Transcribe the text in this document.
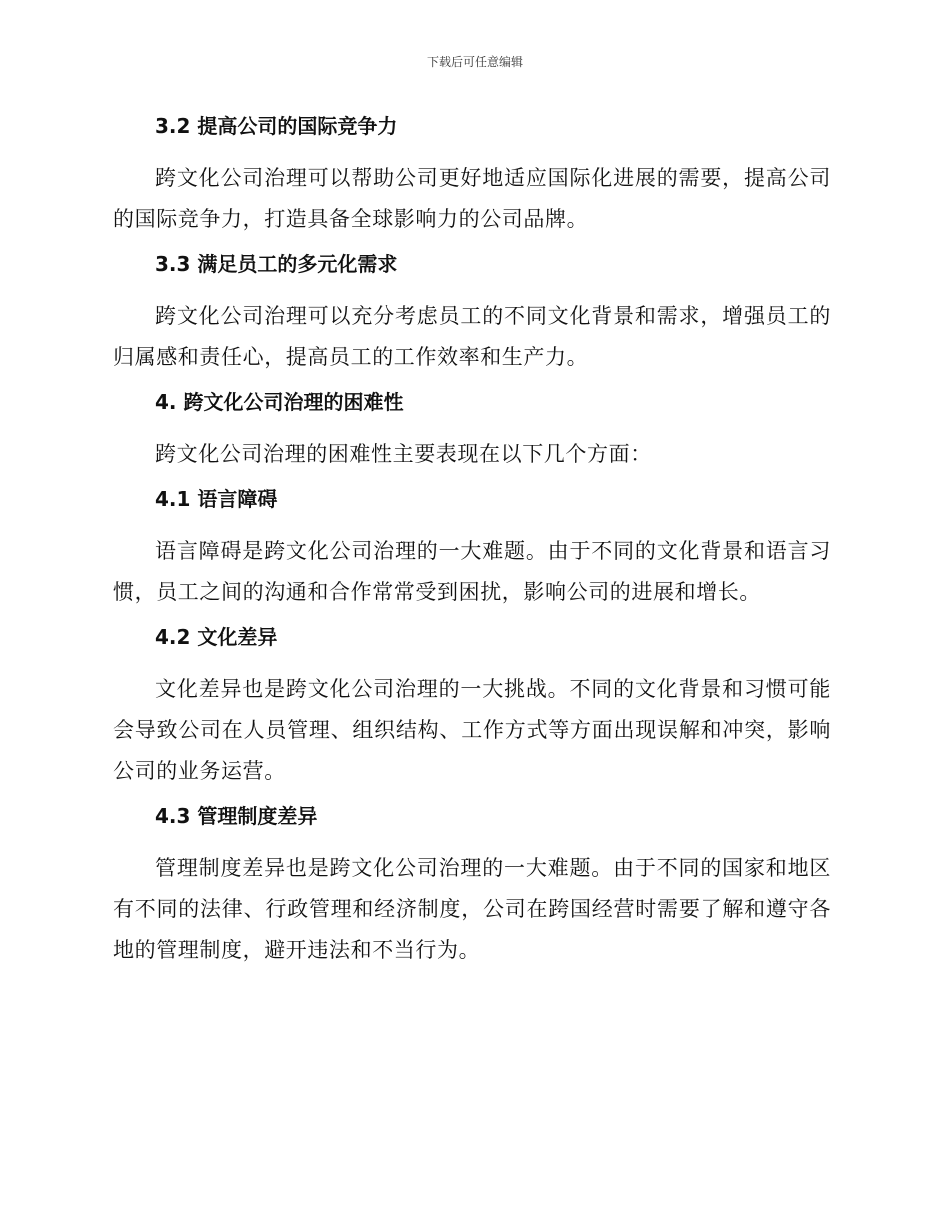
下载后可任意编辑
3.2 提高公司的国际竞争力

跨文化公司治理可以帮助公司更好地适应国际化进展的需要，提高公司的国际竞争力，打造具备全球影响力的公司品牌。

3.3 满足员工的多元化需求

跨文化公司治理可以充分考虑员工的不同文化背景和需求，增强员工的归属感和责任心，提高员工的工作效率和生产力。

4. 跨文化公司治理的困难性

跨文化公司治理的困难性主要表现在以下几个方面：

4.1 语言障碍

语言障碍是跨文化公司治理的一大难题。由于不同的文化背景和语言习惯，员工之间的沟通和合作常常受到困扰，影响公司的进展和增长。

4.2 文化差异

文化差异也是跨文化公司治理的一大挑战。不同的文化背景和习惯可能会导致公司在人员管理、组织结构、工作方式等方面出现误解和冲突，影响公司的业务运营。

4.3 管理制度差异

管理制度差异也是跨文化公司治理的一大难题。由于不同的国家和地区有不同的法律、行政管理和经济制度，公司在跨国经营时需要了解和遵守各地的管理制度，避开违法和不当行为。
